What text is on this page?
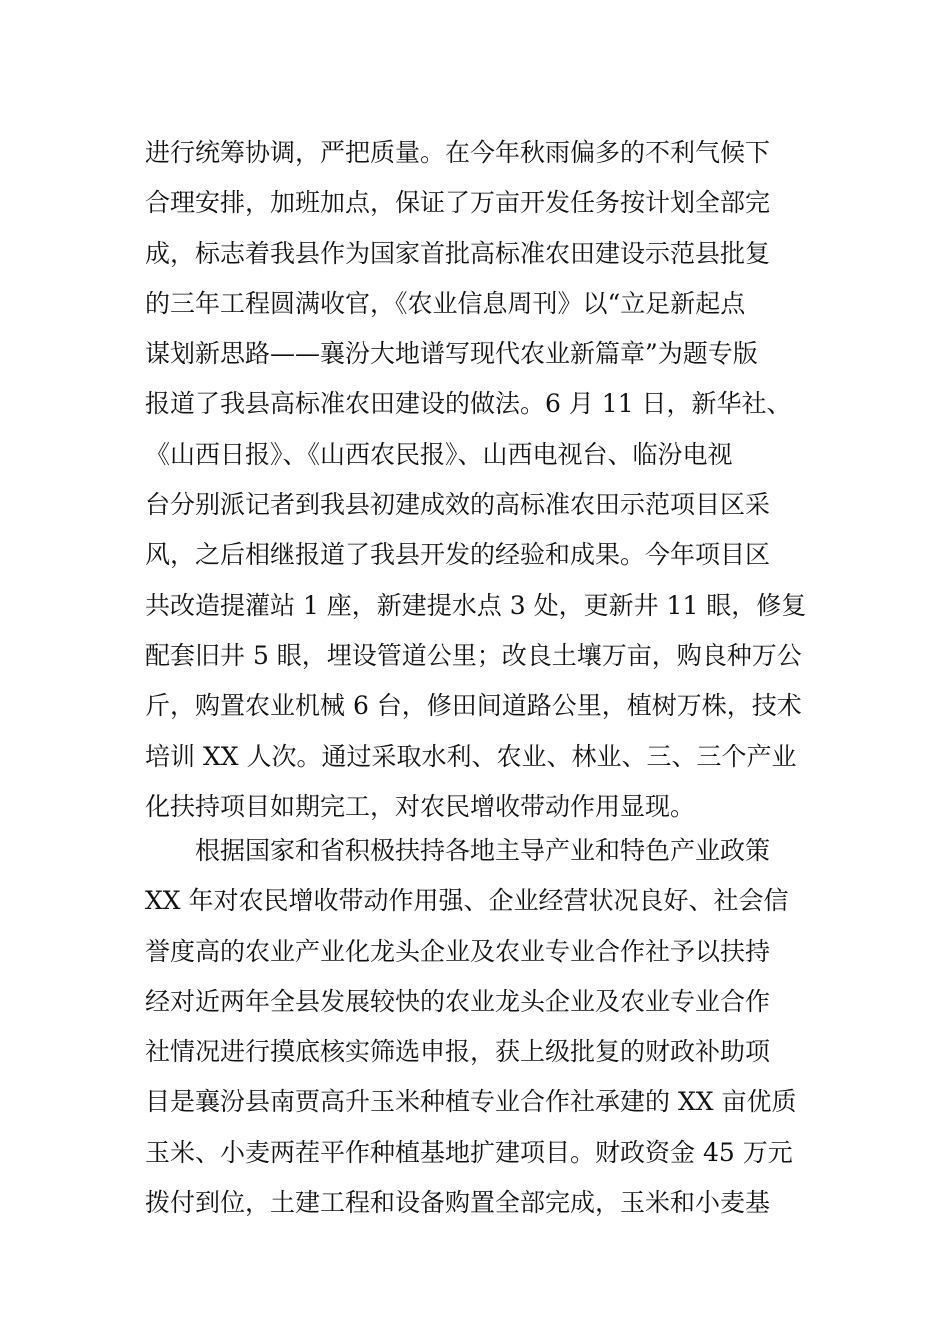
进行统筹协调，严把质量。在今年秋雨偏多的不利气候下
合理安排，加班加点，保证了万亩开发任务按计划全部完
成，标志着我县作为国家首批高标准农田建设示范县批复
的三年工程圆满收官，《农业信息周刊》以“立足新起点
谋划新思路——襄汾大地谱写现代农业新篇章”为题专版
报道了我县高标准农田建设的做法。6 月 11 日，新华社、
《山西日报》、《山西农民报》、山西电视台、临汾电视
台分别派记者到我县初建成效的高标准农田示范项目区采
风，之后相继报道了我县开发的经验和成果。今年项目区
共改造提灌站 1 座，新建提水点 3 处，更新井 11 眼，修复
配套旧井 5 眼，埋设管道公里；改良土壤万亩，购良种万公
斤，购置农业机械 6 台，修田间道路公里，植树万株，技术
培训 XX 人次。通过采取水利、农业、林业、三、三个产业
化扶持项目如期完工，对农民增收带动作用显现。
　　根据国家和省积极扶持各地主导产业和特色产业政策
XX 年对农民增收带动作用强、企业经营状况良好、社会信
誉度高的农业产业化龙头企业及农业专业合作社予以扶持
经对近两年全县发展较快的农业龙头企业及农业专业合作
社情况进行摸底核实筛选申报，获上级批复的财政补助项
目是襄汾县南贾高升玉米种植专业合作社承建的 XX 亩优质
玉米、小麦两茬平作种植基地扩建项目。财政资金 45 万元
拨付到位，土建工程和设备购置全部完成，玉米和小麦基
